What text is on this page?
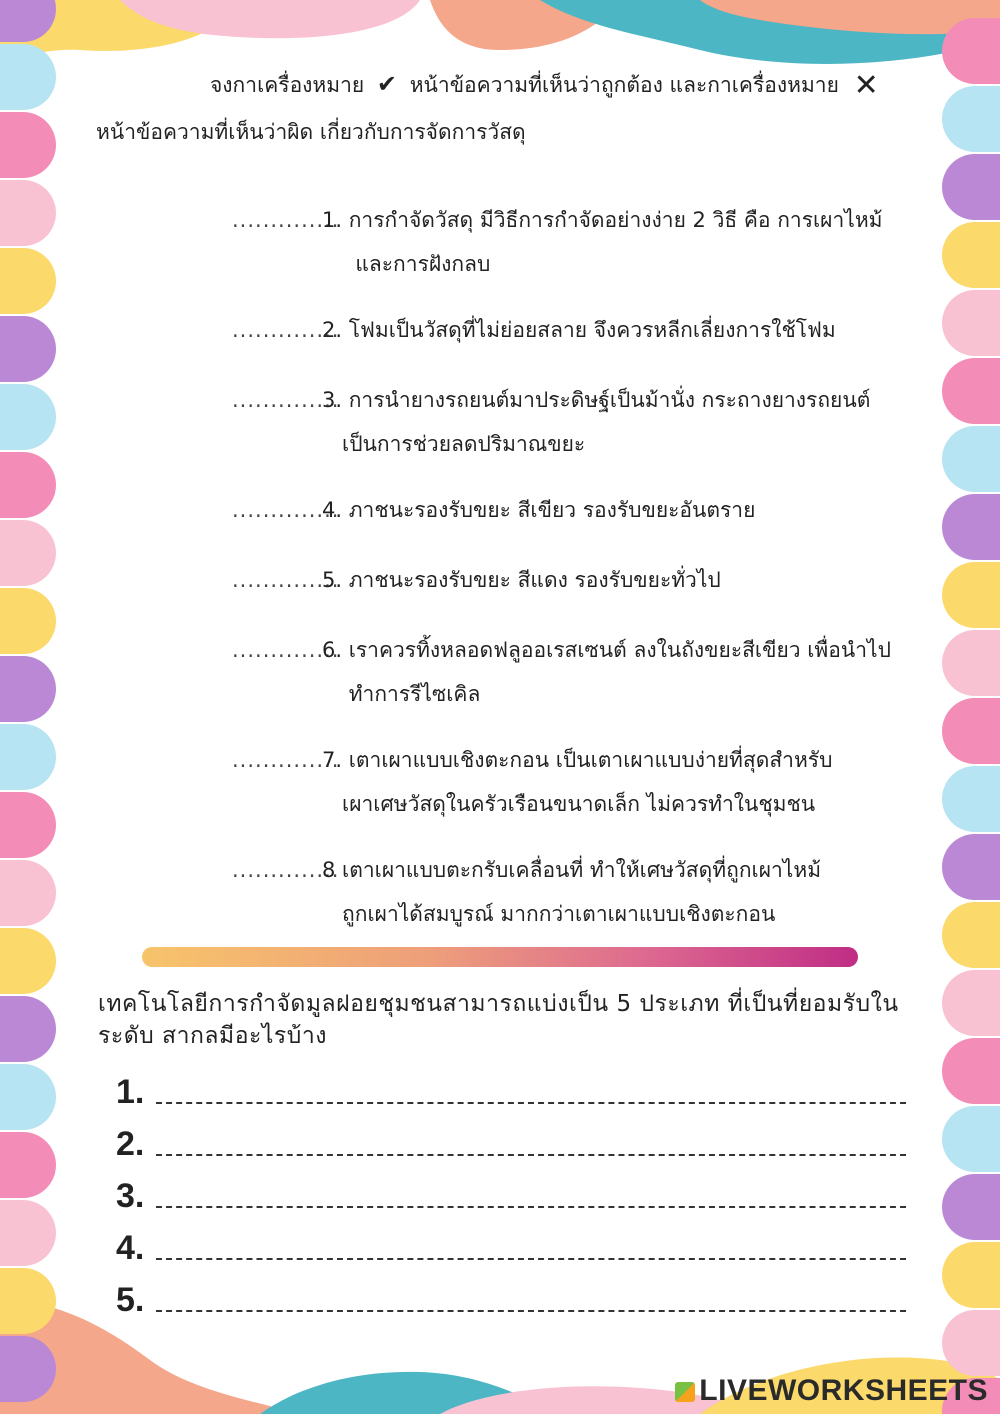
จงกาเครื่องหมาย ✔ หน้าข้อความที่เห็นว่าถูกต้อง และกาเครื่องหมาย ✕
หน้าข้อความที่เห็นว่าผิด เกี่ยวกับการจัดการวัสดุ
..............
1. การกำจัดวัสดุ มีวิธีการกำจัดอย่างง่าย 2 วิธี คือ การเผาไหม้
และการฝังกลบ
..............
2. โฟมเป็นวัสดุที่ไม่ย่อยสลาย จึงควรหลีกเลี่ยงการใช้โฟม
..............
3. การนำยางรถยนต์มาประดิษฐ์เป็นม้านั่ง กระถางยางรถยนต์
เป็นการช่วยลดปริมาณขยะ
..............
4. ภาชนะรองรับขยะ สีเขียว รองรับขยะอันตราย
..............
5. ภาชนะรองรับขยะ สีแดง รองรับขยะทั่วไป
..............
6. เราควรทิ้งหลอดฟลูออเรสเซนต์ ลงในถังขยะสีเขียว เพื่อนำไป
ทำการรีไซเคิล
..............
7. เตาเผาแบบเชิงตะกอน เป็นเตาเผาแบบง่ายที่สุดสำหรับ
เผาเศษวัสดุในครัวเรือนขนาดเล็ก ไม่ควรทำในชุมชน
..............
8 เตาเผาแบบตะกรับเคลื่อนที่ ทำให้เศษวัสดุที่ถูกเผาไหม้
ถูกเผาได้สมบูรณ์ มากกว่าเตาเผาแบบเชิงตะกอน
เทคโนโลยีการกำจัดมูลฝอยชุมชนสามารถแบ่งเป็น 5 ประเภท ที่เป็นที่ยอมรับในระดับ สากลมีอะไรบ้าง
1.
2.
3.
4.
5.
LIVEWORKSHEETS
